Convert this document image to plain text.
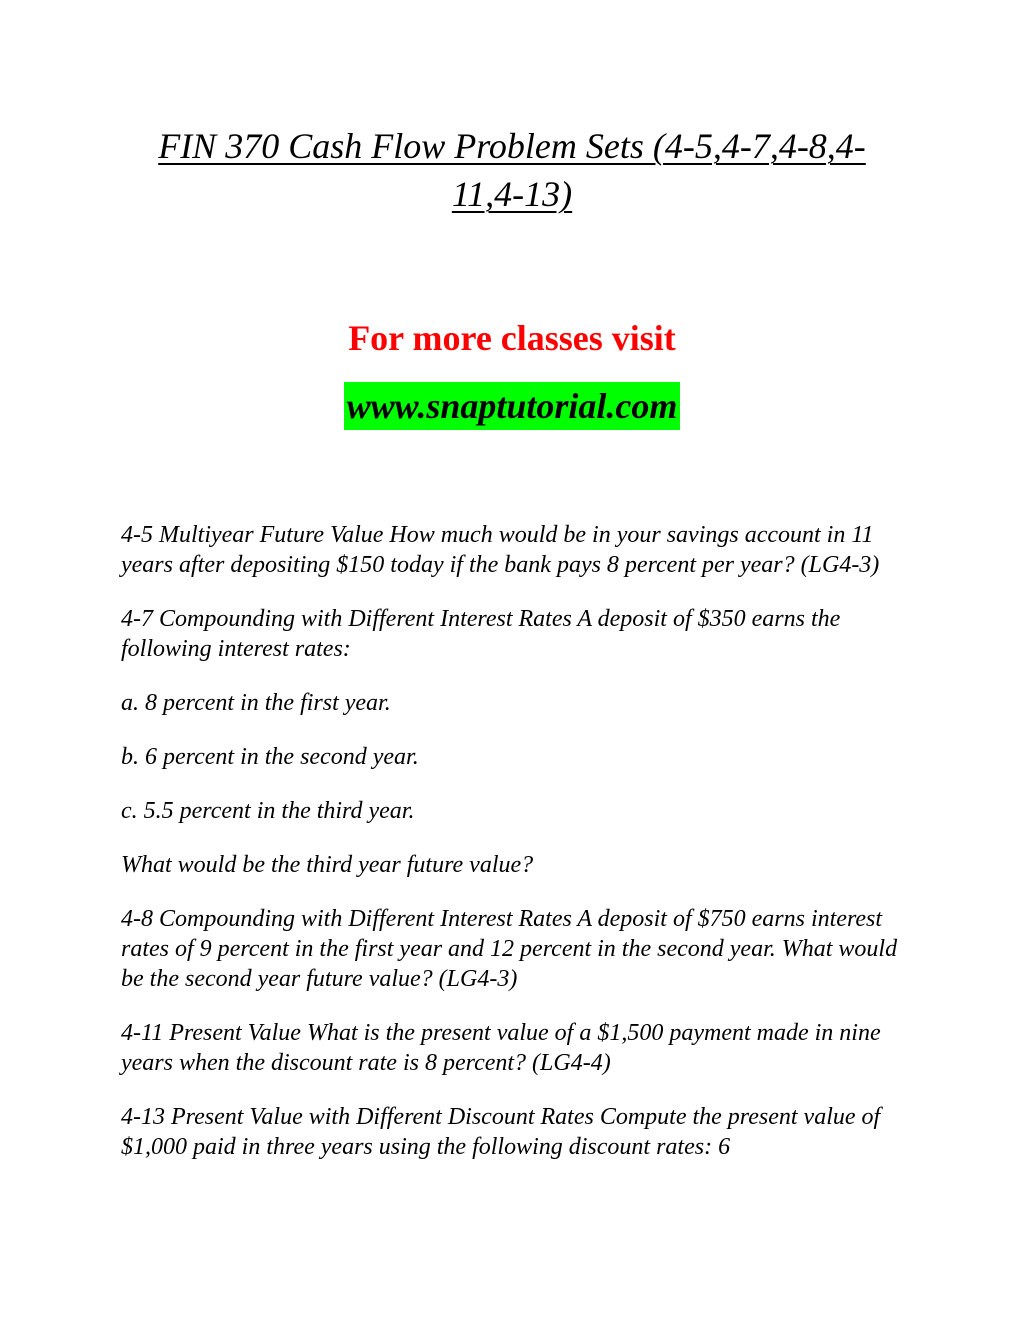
FIN 370 Cash Flow Problem Sets (4-5,4-7,4-8,4-
11,4-13)
For more classes visit
www.snaptutorial.com

4-5 Multiyear Future Value How much would be in your savings account in 11 years after depositing $150 today if the bank pays 8 percent per year? (LG4-3)

4-7 Compounding with Different Interest Rates A deposit of $350 earns the following interest rates:

a. 8 percent in the first year.

b. 6 percent in the second year.

c. 5.5 percent in the third year.

What would be the third year future value?

4-8 Compounding with Different Interest Rates A deposit of $750 earns interest rates of 9 percent in the first year and 12 percent in the second year. What would be the second year future value? (LG4-3)

4-11 Present Value What is the present value of a $1,500 payment made in nine years when the discount rate is 8 percent? (LG4-4)

4-13 Present Value with Different Discount Rates Compute the present value of $1,000 paid in three years using the following discount rates: 6
